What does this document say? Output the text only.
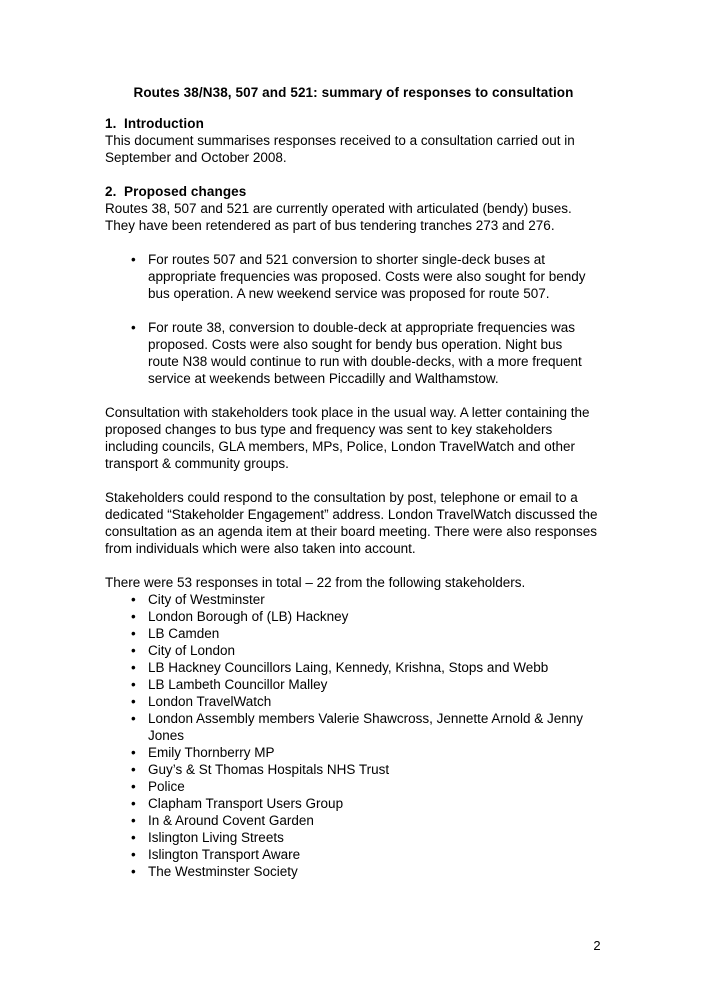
Routes 38/N38, 507 and 521: summary of responses to consultation
1. Introduction

This document summarises responses received to a consultation carried out in September and October 2008.

2. Proposed changes

Routes 38, 507 and 521 are currently operated with articulated (bendy) buses. They have been retendered as part of bus tendering tranches 273 and 276.

• For routes 507 and 521 conversion to shorter single-deck buses at appropriate frequencies was proposed. Costs were also sought for bendy bus operation. A new weekend service was proposed for route 507.
• For route 38, conversion to double-deck at appropriate frequencies was proposed. Costs were also sought for bendy bus operation. Night bus route N38 would continue to run with double-decks, with a more frequent service at weekends between Piccadilly and Walthamstow.

Consultation with stakeholders took place in the usual way. A letter containing the proposed changes to bus type and frequency was sent to key stakeholders including councils, GLA members, MPs, Police, London TravelWatch and other transport & community groups.

Stakeholders could respond to the consultation by post, telephone or email to a dedicated “Stakeholder Engagement” address. London TravelWatch discussed the consultation as an agenda item at their board meeting. There were also responses from individuals which were also taken into account.

There were 53 responses in total – 22 from the following stakeholders.

• City of Westminster
• London Borough of (LB) Hackney
• LB Camden
• City of London
• LB Hackney Councillors Laing, Kennedy, Krishna, Stops and Webb
• LB Lambeth Councillor Malley
• London TravelWatch
• London Assembly members Valerie Shawcross, Jennette Arnold & Jenny Jones
• Emily Thornberry MP
• Guy’s & St Thomas Hospitals NHS Trust
• Police
• Clapham Transport Users Group
• In & Around Covent Garden
• Islington Living Streets
• Islington Transport Aware
• The Westminster Society
2
